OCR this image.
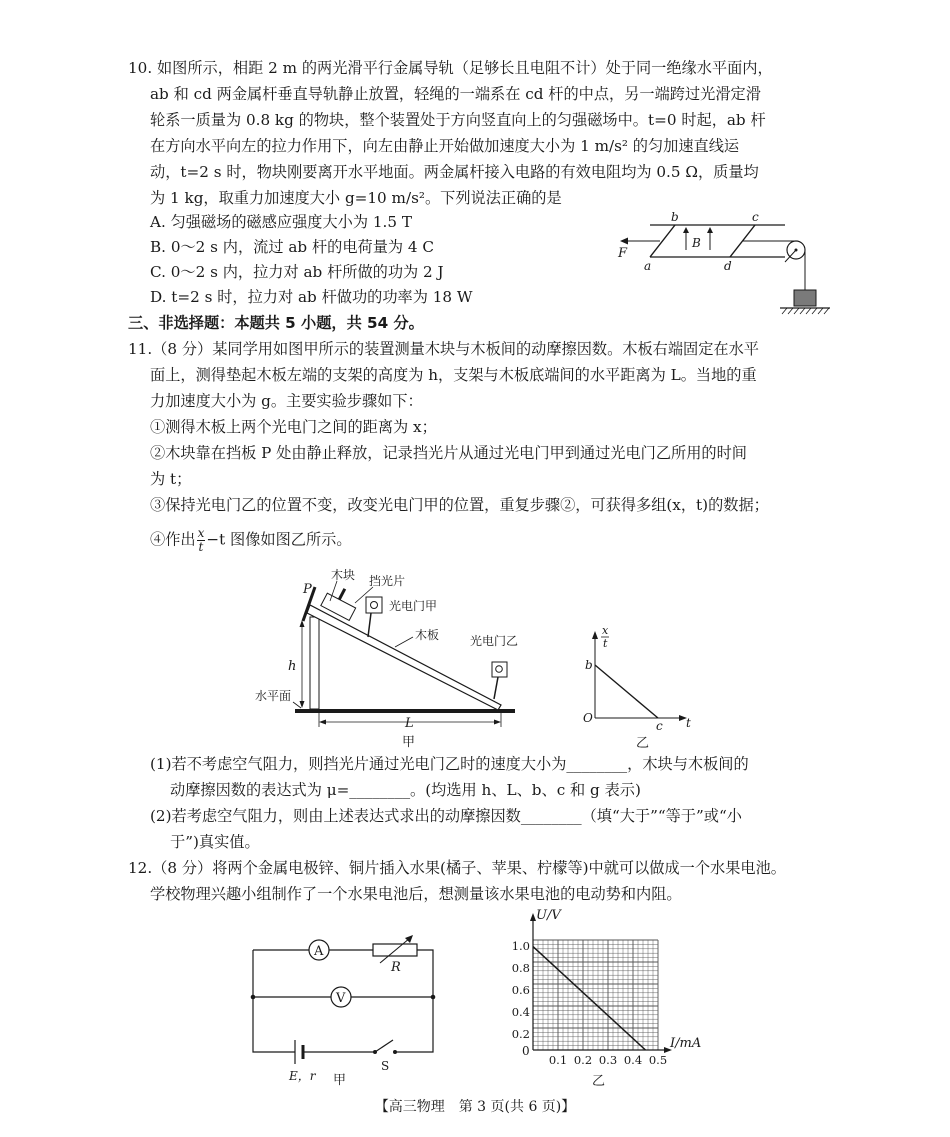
10. 如图所示，相距 2 m 的两光滑平行金属导轨（足够长且电阻不计）处于同一绝缘水平面内，
ab 和 cd 两金属杆垂直导轨静止放置，轻绳的一端系在 cd 杆的中点，另一端跨过光滑定滑
轮系一质量为 0.8 kg 的物块，整个装置处于方向竖直向上的匀强磁场中。t=0 时起，ab 杆
在方向水平向左的拉力作用下，向左由静止开始做加速度大小为 1 m/s² 的匀加速直线运
动，t=2 s 时，物块刚要离开水平地面。两金属杆接入电路的有效电阻均为 0.5 Ω，质量均
为 1 kg，取重力加速度大小 g=10 m/s²。下列说法正确的是
A. 匀强磁场的磁感应强度大小为 1.5 T
B. 0～2 s 内，流过 ab 杆的电荷量为 4 C
C. 0～2 s 内，拉力对 ab 杆所做的功为 2 J
D. t=2 s 时，拉力对 ab 杆做功的功率为 18 W
F
a
b	c
d
B
三、非选择题：本题共 5 小题，共 54 分。
11.（8 分）某同学用如图甲所示的装置测量木块与木板间的动摩擦因数。木板右端固定在水平
面上，测得垫起木板左端的支架的高度为 h，支架与木板底端间的水平距离为 L。当地的重
力加速度大小为 g。主要实验步骤如下：
①测得木板上两个光电门之间的距离为 x；
②木块靠在挡板 P 处由静止释放，记录挡光片从通过光电门甲到通过光电门乙所用的时间
为 t；
③保持光电门乙的位置不变，改变光电门甲的位置，重复步骤②，可获得多组(x，t)的数据；
④作出 $\frac{x}{t} -t$ 图像如图乙所示。
水平面
P
木块 挡光片
光电门甲
木板	光电门乙
h
L
甲
x
t
b
O
c t
乙
(1)若不考虑空气阻力，则挡光片通过光电门乙时的速度大小为________，木块与木板间的
动摩擦因数的表达式为 μ=________。(均选用 h、L、b、c 和 g 表示)
(2)若考虑空气阻力，则由上述表达式求出的动摩擦因数________（填“大于”“等于”或“小
于”)真实值。
12.（8 分）将两个金属电极锌、铜片插入水果(橘子、苹果、柠檬等)中就可以做成一个水果电池。
学校物理兴趣小组制作了一个水果电池后，想测量该水果电池的电动势和内阻。
A
R
V
E，r
S
甲
U/V
I/mA
0
1.0
0.8
0.6
0.4
0.2
0.1 0.2 0.3 0.4 0.5
乙
【高三物理　第 3 页(共 6 页)】
